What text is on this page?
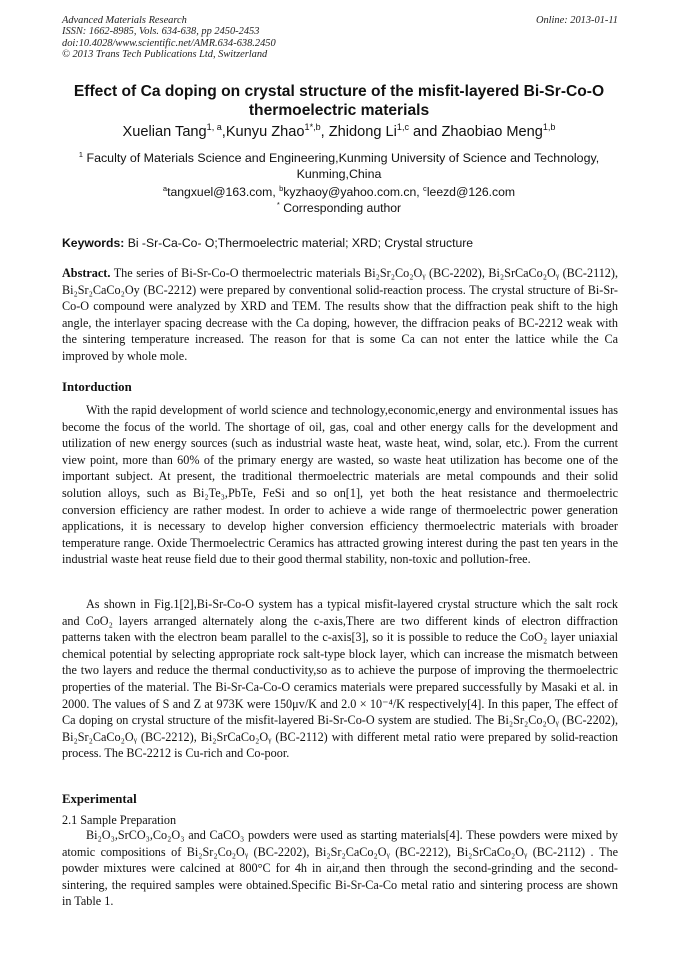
Advanced Materials Research
ISSN: 1662-8985, Vols. 634-638, pp 2450-2453
doi:10.4028/www.scientific.net/AMR.634-638.2450
© 2013 Trans Tech Publications Ltd, Switzerland
Online: 2013-01-11
Effect of Ca doping on crystal structure of the misfit-layered Bi-Sr-Co-O thermoelectric materials
Xuelian Tang$^{1, a}$,Kunyu Zhao$^{1*,b}$, Zhidong Li$^{1,c}$ and Zhaobiao Meng$^{1,b}$
$^1$ Faculty of Materials Science and Engineering,Kunming University of Science and Technology, Kunming,China
$^a$tangxuel@163.com, $^b$kyzhaoy@yahoo.com.cn, $^c$leezd@126.com
* Corresponding author
Keywords: Bi -Sr-Ca-Co- O;Thermoelectric material; XRD; Crystal structure
Abstract. The series of Bi-Sr-Co-O thermoelectric materials Bi₂Sr₂Co₂Oᵧ (BC-2202), Bi₂SrCaCo₂Oᵧ (BC-2112), Bi₂Sr₂CaCo₂Oy (BC-2212) were prepared by conventional solid-reaction process. The crystal structure of Bi-Sr-Co-O compound were analyzed by XRD and TEM. The results show that the diffraction peak shift to the high angle, the interlayer spacing decrease with the Ca doping, however, the diffracion peaks of BC-2212 weak with the sintering temperature increased. The reason for that is some Ca can not enter the lattice while the Ca improved by whole mole.
Intorduction
With the rapid development of world science and technology,economic,energy and environmental issues has become the focus of the world. The shortage of oil, gas, coal and other energy calls for the development and utilization of new energy sources (such as industrial waste heat, waste heat, wind, solar, etc.). From the current view point, more than 60% of the primary energy are wasted, so waste heat utilization has become one of the important subject. At present, the traditional thermoelectric materials are metal compounds and their solid solution alloys, such as Bi₂Te₃,PbTe, FeSi and so on[1], yet both the heat resistance and thermoelectric conversion efficiency are rather modest. In order to achieve a wide range of thermoelectric power generation applications, it is necessary to develop higher conversion efficiency thermoelectric materials with broader temperature range. Oxide Thermoelectric Ceramics has attracted growing interest during the past ten years in the industrial waste heat reuse field due to their good thermal stability, non-toxic and pollution-free.
As shown in Fig.1[2],Bi-Sr-Co-O system has a typical misfit-layered crystal structure which the salt rock and CoO₂ layers arranged alternately along the c-axis,There are two different kinds of electron diffraction patterns taken with the electron beam parallel to the c-axis[3], so it is possible to reduce the CoO₂ layer uniaxial chemical potential by selecting appropriate rock salt-type block layer, which can increase the mismatch between the two layers and reduce the thermal conductivity,so as to achieve the purpose of improving the thermoelectric properties of the material. The Bi-Sr-Ca-Co-O ceramics materials were prepared successfully by Masaki et al. in 2000. The values of S and Z at 973K were 150μv/K and 2.0 × 10⁻⁴/K respectively[4]. In this paper, The effect of Ca doping on crystal structure of the misfit-layered Bi-Sr-Co-O system are studied. The Bi₂Sr₂Co₂Oᵧ (BC-2202), Bi₂Sr₂CaCo₂Oᵧ (BC-2212), Bi₂SrCaCo₂Oᵧ (BC-2112) with different metal ratio were prepared by solid-reaction process. The BC-2212 is Cu-rich and Co-poor.
Experimental
2.1 Sample Preparation
Bi₂O₃,SrCO₃,Co₂O₃ and CaCO₃ powders were used as starting materials[4]. These powders were mixed by atomic compositions of Bi₂Sr₂Co₂Oᵧ (BC-2202), Bi₂Sr₂CaCo₂Oᵧ (BC-2212), Bi₂SrCaCo₂Oᵧ (BC-2112) . The powder mixtures were calcined at 800°C for 4h in air,and then through the second-grinding and the second-sintering, the required samples were obtained.Specific Bi-Sr-Ca-Co metal ratio and sintering process are shown in Table 1.
